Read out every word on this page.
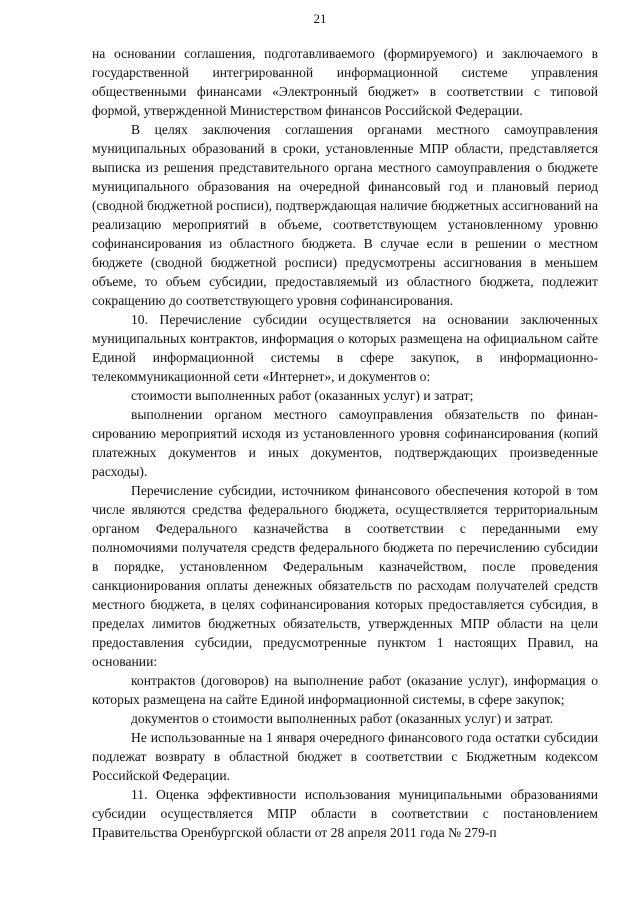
21

на основании соглашения, подготавливаемого (формируемого) и заключаемого в государственной интегрированной информационной системе управления общественными финансами «Электронный бюджет» в соответствии с типовой формой, утвержденной Министерством финансов Российской Федерации.

В целях заключения соглашения органами местного самоуправления муниципальных образований в сроки, установленные МПР области, представляется выписка из решения представительного органа местного самоуправления о бюджете муниципального образования на очередной финансовый год и плановый период (сводной бюджетной росписи), подтверждающая наличие бюджетных ассигнований на реализацию мероприятий в объеме, соответствующем установленному уровню софинансирования из областного бюджета. В случае если в решении о местном бюджете (сводной бюджетной росписи) предусмотрены ассигнования в меньшем объеме, то объем субсидии, предоставляемый из областного бюджета, подлежит сокращению до соответствующего уровня софинансирования.

10. Перечисление субсидии осуществляется на основании заключенных муниципальных контрактов, информация о которых размещена на официальном сайте Единой информационной системы в сфере закупок, в информационно-телекоммуникационной сети «Интернет», и документов о:

стоимости выполненных работ (оказанных услуг) и затрат;

выполнении органом местного самоуправления обязательств по финансированию мероприятий исходя из установленного уровня софинансирования (копий платежных документов и иных документов, подтверждающих произведенные расходы).

Перечисление субсидии, источником финансового обеспечения которой в том числе являются средства федерального бюджета, осуществляется территориальным органом Федерального казначейства в соответствии с переданными ему полномочиями получателя средств федерального бюджета по перечислению субсидии в порядке, установленном Федеральным казначейством, после проведения санкционирования оплаты денежных обязательств по расходам получателей средств местного бюджета, в целях софинансирования которых предоставляется субсидия, в пределах лимитов бюджетных обязательств, утвержденных МПР области на цели предоставления субсидии, предусмотренные пунктом 1 настоящих Правил, на основании:

контрактов (договоров) на выполнение работ (оказание услуг), информация о которых размещена на сайте Единой информационной системы, в сфере закупок;

документов о стоимости выполненных работ (оказанных услуг) и затрат.

Не использованные на 1 января очередного финансового года остатки субсидии подлежат возврату в областной бюджет в соответствии с Бюджетным кодексом Российской Федерации.

11. Оценка эффективности использования муниципальными образованиями субсидии осуществляется МПР области в соответствии с постановлением Правительства Оренбургской области от 28 апреля 2011 года № 279-п
